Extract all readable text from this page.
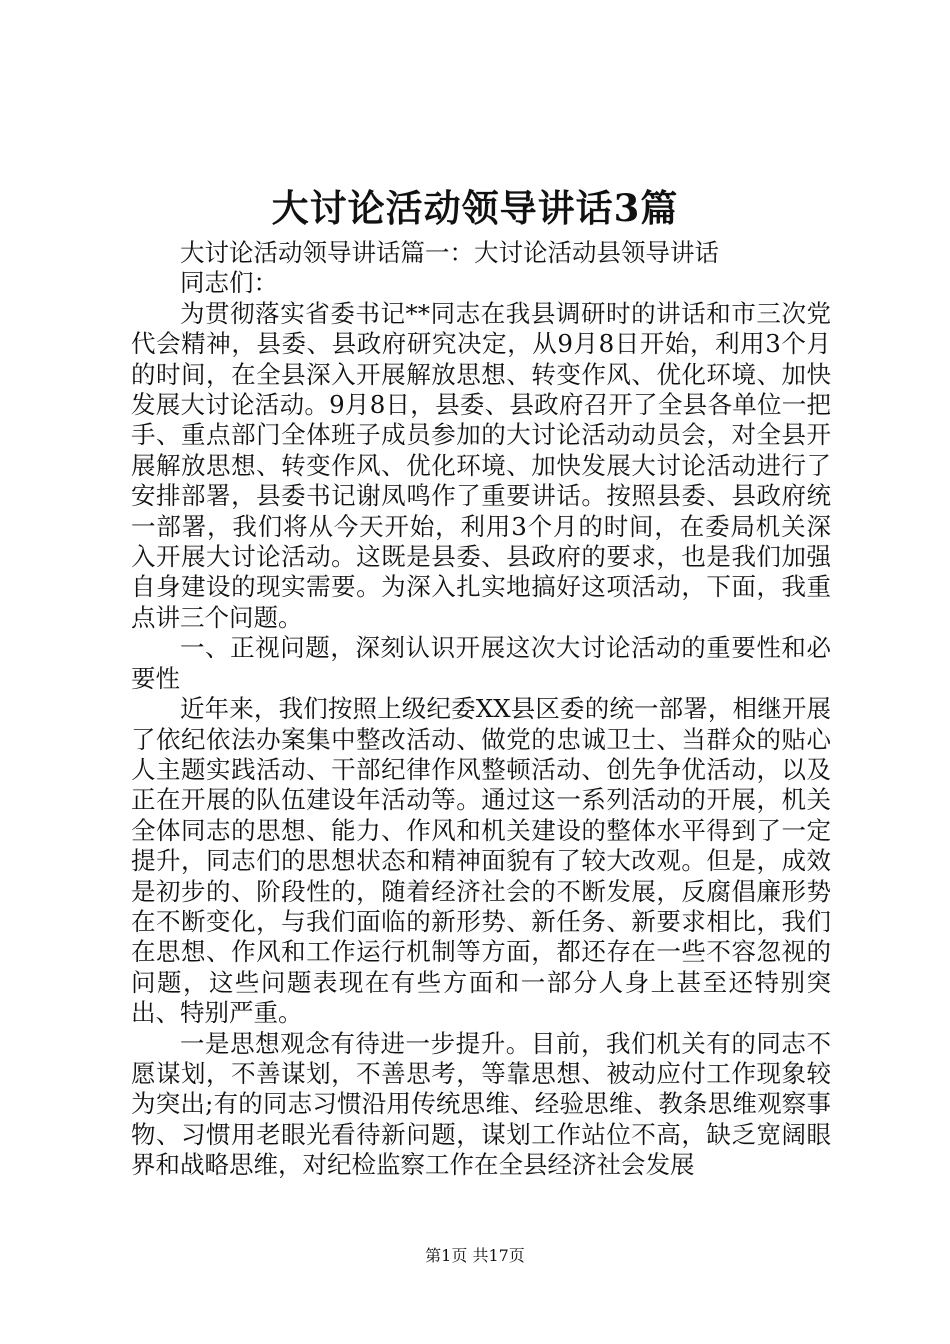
大讨论活动领导讲话3篇

大讨论活动领导讲话篇一：大讨论活动县领导讲话

同志们：

为贯彻落实省委书记**同志在我县调研时的讲话和市三次党代会精神，县委、县政府研究决定，从9月8日开始，利用3个月的时间，在全县深入开展解放思想、转变作风、优化环境、加快发展大讨论活动。9月8日，县委、县政府召开了全县各单位一把手、重点部门全体班子成员参加的大讨论活动动员会，对全县开展解放思想、转变作风、优化环境、加快发展大讨论活动进行了安排部署，县委书记谢凤鸣作了重要讲话。按照县委、县政府统一部署，我们将从今天开始，利用3个月的时间，在委局机关深入开展大讨论活动。这既是县委、县政府的要求，也是我们加强自身建设的现实需要。为深入扎实地搞好这项活动，下面，我重点讲三个问题。

一、正视问题，深刻认识开展这次大讨论活动的重要性和必要性

近年来，我们按照上级纪委XX县区委的统一部署，相继开展了依纪依法办案集中整改活动、做党的忠诚卫士、当群众的贴心人主题实践活动、干部纪律作风整顿活动、创先争优活动，以及正在开展的队伍建设年活动等。通过这一系列活动的开展，机关全体同志的思想、能力、作风和机关建设的整体水平得到了一定提升，同志们的思想状态和精神面貌有了较大改观。但是，成效是初步的、阶段性的，随着经济社会的不断发展，反腐倡廉形势在不断变化，与我们面临的新形势、新任务、新要求相比，我们在思想、作风和工作运行机制等方面，都还存在一些不容忽视的问题，这些问题表现在有些方面和一部分人身上甚至还特别突出、特别严重。

一是思想观念有待进一步提升。目前，我们机关有的同志不愿谋划，不善谋划，不善思考，等靠思想、被动应付工作现象较为突出;有的同志习惯沿用传统思维、经验思维、教条思维观察事物、习惯用老眼光看待新问题，谋划工作站位不高，缺乏宽阔眼界和战略思维，对纪检监察工作在全县经济社会发展

第1页 共17页
